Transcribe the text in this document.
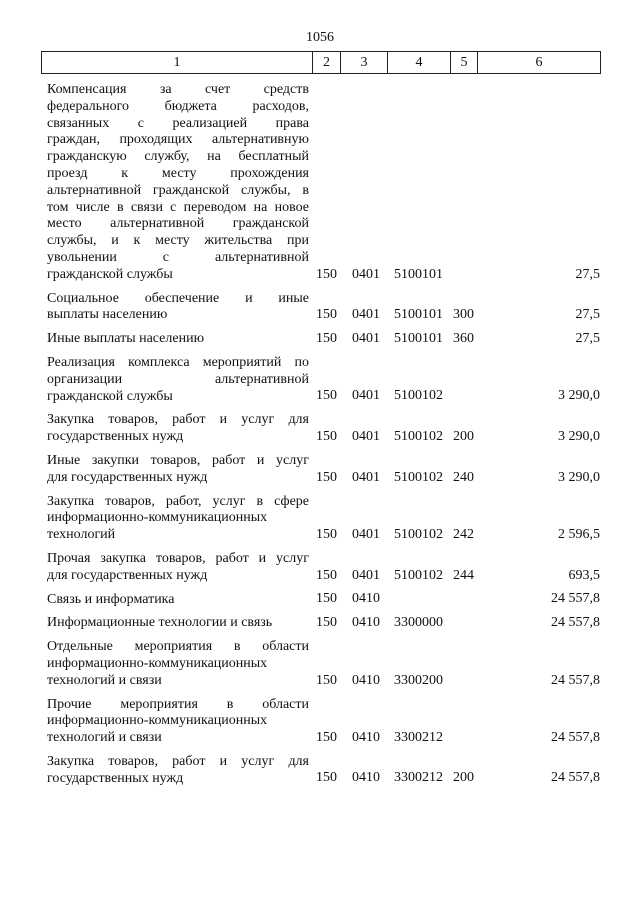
1056
1	2	3	4	5	6
Компенсация за счет средств
федерального бюджета расходов,
связанных с реализацией права
граждан, проходящих альтернативную
гражданскую службу, на бесплатный
проезд к месту прохождения
альтернативной гражданской службы, в
том числе в связи с переводом на новое
место альтернативной гражданской
службы, и к месту жительства при
увольнении с альтернативной
гражданской службы	150 0401 5100101	27,5
Социальное обеспечение и иные
выплаты населению	150 0401 5100101 300	27,5
Иные выплаты населению	150 0401 5100101 360	27,5
Реализация комплекса мероприятий по
организации альтернативной
гражданской службы	150 0401 5100102	3 290,0
Закупка товаров, работ и услуг для
государственных нужд	150 0401 5100102 200	3 290,0
Иные закупки товаров, работ и услуг
для государственных нужд	150 0401 5100102 240	3 290,0
Закупка товаров, работ, услуг в сфере
информационно-коммуникационных
технологий	150 0401 5100102 242	2 596,5
Прочая закупка товаров, работ и услуг
для государственных нужд	150 0401 5100102 244	693,5
Связь и информатика	150 0410	24 557,8
Информационные технологии и связь	150 0410 3300000	24 557,8
Отдельные мероприятия в области
информационно-коммуникационных
технологий и связи	150 0410 3300200	24 557,8
Прочие мероприятия в области
информационно-коммуникационных
технологий и связи	150 0410 3300212	24 557,8
Закупка товаров, работ и услуг для
государственных нужд	150 0410 3300212 200	24 557,8
